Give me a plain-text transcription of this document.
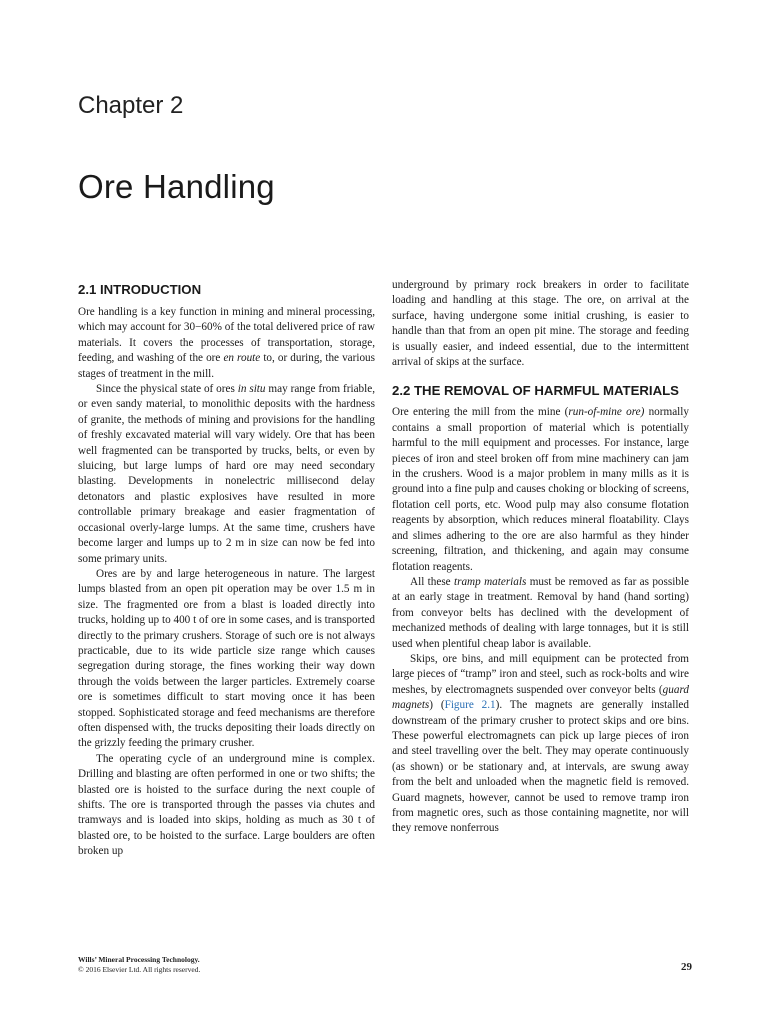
Chapter 2
Ore Handling
2.1 INTRODUCTION

Ore handling is a key function in mining and mineral processing, which may account for 30−60% of the total delivered price of raw materials. It covers the processes of transportation, storage, feeding, and washing of the ore en route to, or during, the various stages of treatment in the mill.

Since the physical state of ores in situ may range from friable, or even sandy material, to monolithic deposits with the hardness of granite, the methods of mining and provisions for the handling of freshly excavated material will vary widely. Ore that has been well fragmented can be transported by trucks, belts, or even by sluicing, but large lumps of hard ore may need secondary blasting. Developments in nonelectric millisecond delay detonators and plastic explosives have resulted in more controllable primary breakage and easier fragmentation of occasional overly-large lumps. At the same time, crushers have become larger and lumps up to 2 m in size can now be fed into some primary units.

Ores are by and large heterogeneous in nature. The largest lumps blasted from an open pit operation may be over 1.5 m in size. The fragmented ore from a blast is loaded directly into trucks, holding up to 400 t of ore in some cases, and is transported directly to the primary crushers. Storage of such ore is not always practicable, due to its wide particle size range which causes segregation during storage, the fines working their way down through the voids between the larger particles. Extremely coarse ore is sometimes difficult to start moving once it has been stopped. Sophisticated storage and feed mechanisms are therefore often dispensed with, the trucks depositing their loads directly on the grizzly feeding the primary crusher.

The operating cycle of an underground mine is complex. Drilling and blasting are often performed in one or two shifts; the blasted ore is hoisted to the surface during the next couple of shifts. The ore is transported through the passes via chutes and tramways and is loaded into skips, holding as much as 30 t of blasted ore, to be hoisted to the surface. Large boulders are often broken up

underground by primary rock breakers in order to facilitate loading and handling at this stage. The ore, on arrival at the surface, having undergone some initial crushing, is easier to handle than that from an open pit mine. The storage and feeding is usually easier, and indeed essential, due to the intermittent arrival of skips at the surface.

2.2 THE REMOVAL OF HARMFUL MATERIALS

Ore entering the mill from the mine (run-of-mine ore) normally contains a small proportion of material which is potentially harmful to the mill equipment and processes. For instance, large pieces of iron and steel broken off from mine machinery can jam in the crushers. Wood is a major problem in many mills as it is ground into a fine pulp and causes choking or blocking of screens, flotation cell ports, etc. Wood pulp may also consume flotation reagents by absorption, which reduces mineral floatability. Clays and slimes adhering to the ore are also harmful as they hinder screening, filtration, and thickening, and again may consume flotation reagents.

All these tramp materials must be removed as far as possible at an early stage in treatment. Removal by hand (hand sorting) from conveyor belts has declined with the development of mechanized methods of dealing with large tonnages, but it is still used when plentiful cheap labor is available.

Skips, ore bins, and mill equipment can be protected from large pieces of “tramp” iron and steel, such as rock-bolts and wire meshes, by electromagnets suspended over conveyor belts (guard magnets) (Figure 2.1). The magnets are generally installed downstream of the primary crusher to protect skips and ore bins. These powerful electromagnets can pick up large pieces of iron and steel travelling over the belt. They may operate continuously (as shown) or be stationary and, at intervals, are swung away from the belt and unloaded when the magnetic field is removed. Guard magnets, however, cannot be used to remove tramp iron from magnetic ores, such as those containing magnetite, nor will they remove nonferrous

Wills’ Mineral Processing Technology.
© 2016 Elsevier Ltd. All rights reserved.	29
